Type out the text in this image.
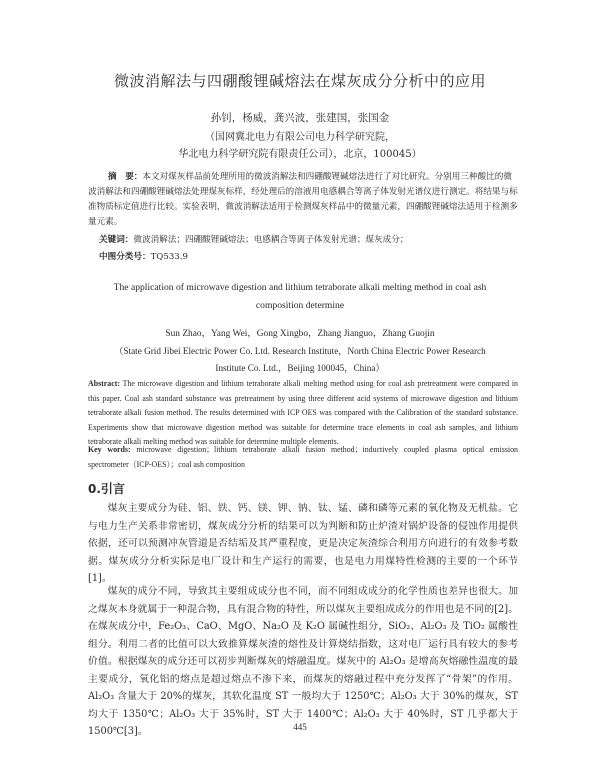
微波消解法与四硼酸锂碱熔法在煤灰成分分析中的应用
孙钊，杨威，龚兴波，张建国，张国金
（国网冀北电力有限公司电力科学研究院，
华北电力科学研究院有限责任公司），北京，100045）
摘　要：本文对煤灰样品前处理所用的微波消解法和四硼酸锂碱熔法进行了对比研究。分别用三种酸比的微波消解法和四硼酸锂碱熔法处理煤灰标样，经处理后的溶液用电感耦合等离子体发射光谱仪进行测定。将结果与标准物质标定值进行比较。实验表明，微波消解法适用于检测煤灰样品中的微量元素，四硼酸锂碱熔法适用于检测多量元素。
关键词：微波消解法；四硼酸锂碱熔法；电感耦合等离子体发射光谱；煤灰成分；
中图分类号：TQ533.9
The application of microwave digestion and lithium tetraborate alkali melting method in coal ash
composition determine
Sun Zhao，Yang Wei，Gong Xingbo，Zhang Jianguo，Zhang Guojin
（State Grid Jibei Electric Power Co. Ltd. Research Institute，North China Electric Power Research
Institute Co. Ltd.，Beijing 100045，China）
Abstract: The microwave digestion and lithium tetraborate alkali melting method using for coal ash pretreatment were compared in this paper. Coal ash standard substance was pretreatment by using three different acid systems of microwave digestion and lithium tetraborate alkali fusion method. The results determined with ICP OES was compared with the Calibration of the standard substance. Experiments show that microwave digestion method was suitable for determine trace elements in coal ash samples, and lithium tetraborate alkali melting method was suitable for determine multiple elements.
Key words: microwave digestion；lithium tetraborate alkali fusion method；inductively coupled plasma optical emission spectrometer（ICP-OES）；coal ash composition
0.引言
煤灰主要成分为硅、铝、铁、钙、镁、钾、钠、钛、锰、磷和磷等元素的氧化物及无机盐。它与电力生产关系非常密切，煤灰成分分析的结果可以为判断和防止炉渣对锅炉设备的侵蚀作用提供依据，还可以预测冲灰管道是否结垢及其严重程度，更是决定灰渣综合利用方向进行的有效参考数据。煤灰成分分析实际是电厂设计和生产运行的需要，也是电力用煤特性检测的主要的一个环节[1]。
煤灰的成分不同，导致其主要组成成分也不同，而不同组成成分的化学性质也差异也很大。加之煤灰本身就属于一种混合物，具有混合物的特性，所以煤灰主要组成成分的作用也是不同的[2]。在煤灰成分中，Fe₂O₃、CaO、MgO、Na₂O 及 K₂O 属碱性组分，SiO₂、Al₂O₃ 及 TiO₂ 属酸性组分。利用二者的比值可以大致推算煤灰渣的熔性及计算烧结指数，这对电厂运行具有较大的参考价值。根据煤灰的成分还可以初步判断煤灰的熔融温度。煤灰中的 Al₂O₃ 是增高灰熔融性温度的最主要成分，氧化铝的熔点是超过熔点不渗下来，而煤灰的熔融过程中充分发挥了“骨架”的作用。Al₂O₃ 含量大于 20%的煤灰，其软化温度 ST 一般均大于 1250℃；Al₂O₃ 大于 30%的煤灰，ST 均大于 1350℃；Al₂O₃ 大于 35%时，ST 大于 1400℃；Al₂O₃ 大于 40%时，ST 几乎都大于 1500℃[3]。	445
